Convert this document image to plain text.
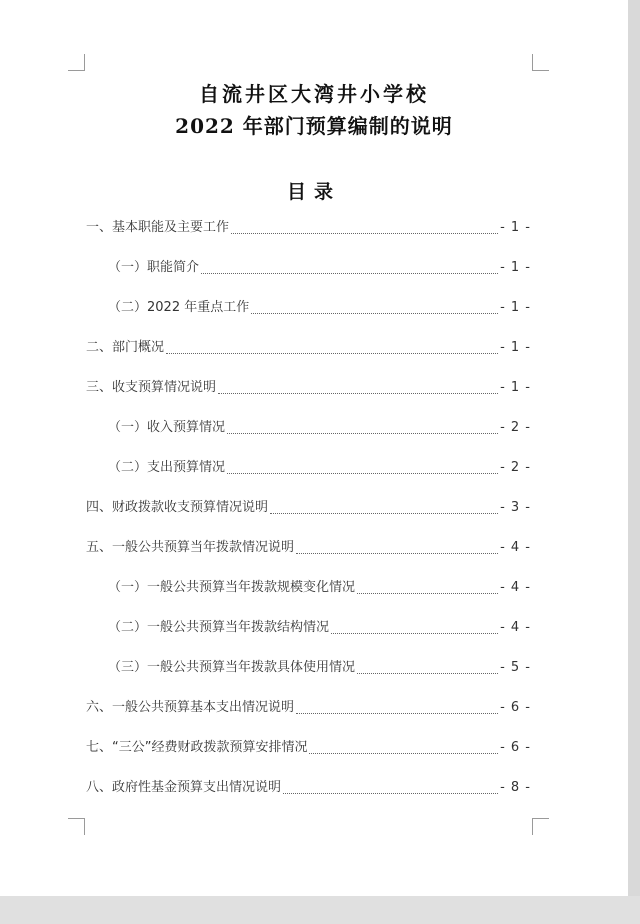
自流井区大湾井小学校
2022 年部门预算编制的说明
目录
一、基本职能及主要工作	- 1 -
（一）职能简介	- 1 -
（二）2022 年重点工作	- 1 -
二、部门概况	- 1 -
三、收支预算情况说明	- 1 -
（一）收入预算情况	- 2 -
（二）支出预算情况	- 2 -
四、财政拨款收支预算情况说明	- 3 -
五、一般公共预算当年拨款情况说明	- 4 -
（一）一般公共预算当年拨款规模变化情况	- 4 -
（二）一般公共预算当年拨款结构情况	- 4 -
（三）一般公共预算当年拨款具体使用情况	- 5 -
六、一般公共预算基本支出情况说明	- 6 -
七、“三公”经费财政拨款预算安排情况	- 6 -
八、政府性基金预算支出情况说明	- 8 -
